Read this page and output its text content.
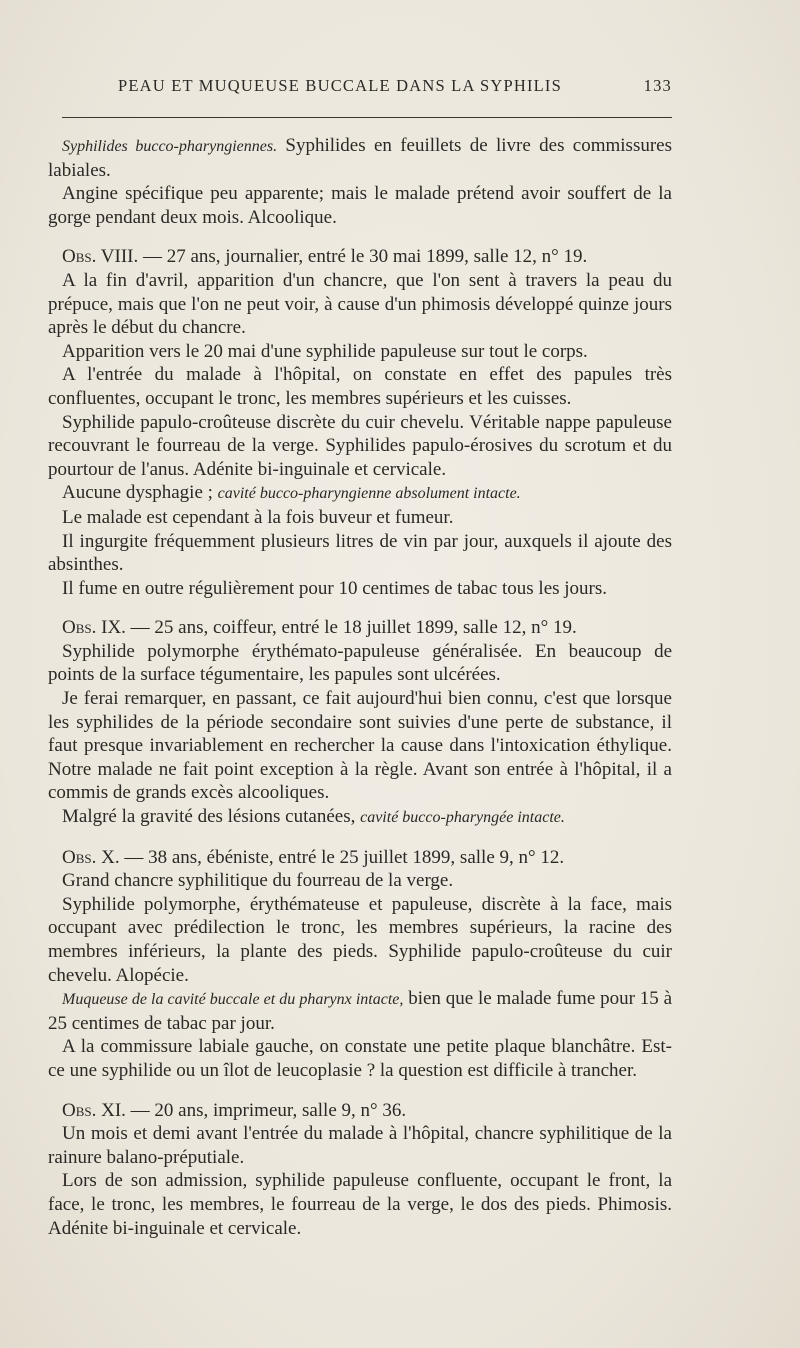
PEAU ET MUQUEUSE BUCCALE DANS LA SYPHILIS	133

Syphilides bucco-pharyngiennes. Syphilides en feuillets de livre des commissures labiales.

Angine spécifique peu apparente; mais le malade prétend avoir souffert de la gorge pendant deux mois. Alcoolique.

Obs. VIII. — 27 ans, journalier, entré le 30 mai 1899, salle 12, n° 19.

A la fin d'avril, apparition d'un chancre, que l'on sent à travers la peau du prépuce, mais que l'on ne peut voir, à cause d'un phimosis développé quinze jours après le début du chancre.

Apparition vers le 20 mai d'une syphilide papuleuse sur tout le corps.

A l'entrée du malade à l'hôpital, on constate en effet des papules très confluentes, occupant le tronc, les membres supérieurs et les cuisses.

Syphilide papulo-croûteuse discrète du cuir chevelu. Véritable nappe papuleuse recouvrant le fourreau de la verge. Syphilides papulo-érosives du scrotum et du pourtour de l'anus. Adénite bi-inguinale et cervicale.

Aucune dysphagie ; cavité bucco-pharyngienne absolument intacte.

Le malade est cependant à la fois buveur et fumeur.

Il ingurgite fréquemment plusieurs litres de vin par jour, auxquels il ajoute des absinthes.

Il fume en outre régulièrement pour 10 centimes de tabac tous les jours.

Obs. IX. — 25 ans, coiffeur, entré le 18 juillet 1899, salle 12, n° 19.

Syphilide polymorphe érythémato-papuleuse généralisée. En beaucoup de points de la surface tégumentaire, les papules sont ulcérées.

Je ferai remarquer, en passant, ce fait aujourd'hui bien connu, c'est que lorsque les syphilides de la période secondaire sont suivies d'une perte de substance, il faut presque invariablement en rechercher la cause dans l'intoxication éthylique. Notre malade ne fait point exception à la règle. Avant son entrée à l'hôpital, il a commis de grands excès alcooliques.

Malgré la gravité des lésions cutanées, cavité bucco-pharyngée intacte.

Obs. X. — 38 ans, ébéniste, entré le 25 juillet 1899, salle 9, n° 12.

Grand chancre syphilitique du fourreau de la verge.

Syphilide polymorphe, érythémateuse et papuleuse, discrète à la face, mais occupant avec prédilection le tronc, les membres supérieurs, la racine des membres inférieurs, la plante des pieds. Syphilide papulo-croûteuse du cuir chevelu. Alopécie.

Muqueuse de la cavité buccale et du pharynx intacte, bien que le malade fume pour 15 à 25 centimes de tabac par jour.

A la commissure labiale gauche, on constate une petite plaque blanchâtre. Est-ce une syphilide ou un îlot de leucoplasie ? la question est difficile à trancher.

Obs. XI. — 20 ans, imprimeur, salle 9, n° 36.

Un mois et demi avant l'entrée du malade à l'hôpital, chancre syphilitique de la rainure balano-préputiale.

Lors de son admission, syphilide papuleuse confluente, occupant le front, la face, le tronc, les membres, le fourreau de la verge, le dos des pieds. Phimosis. Adénite bi-inguinale et cervicale.
